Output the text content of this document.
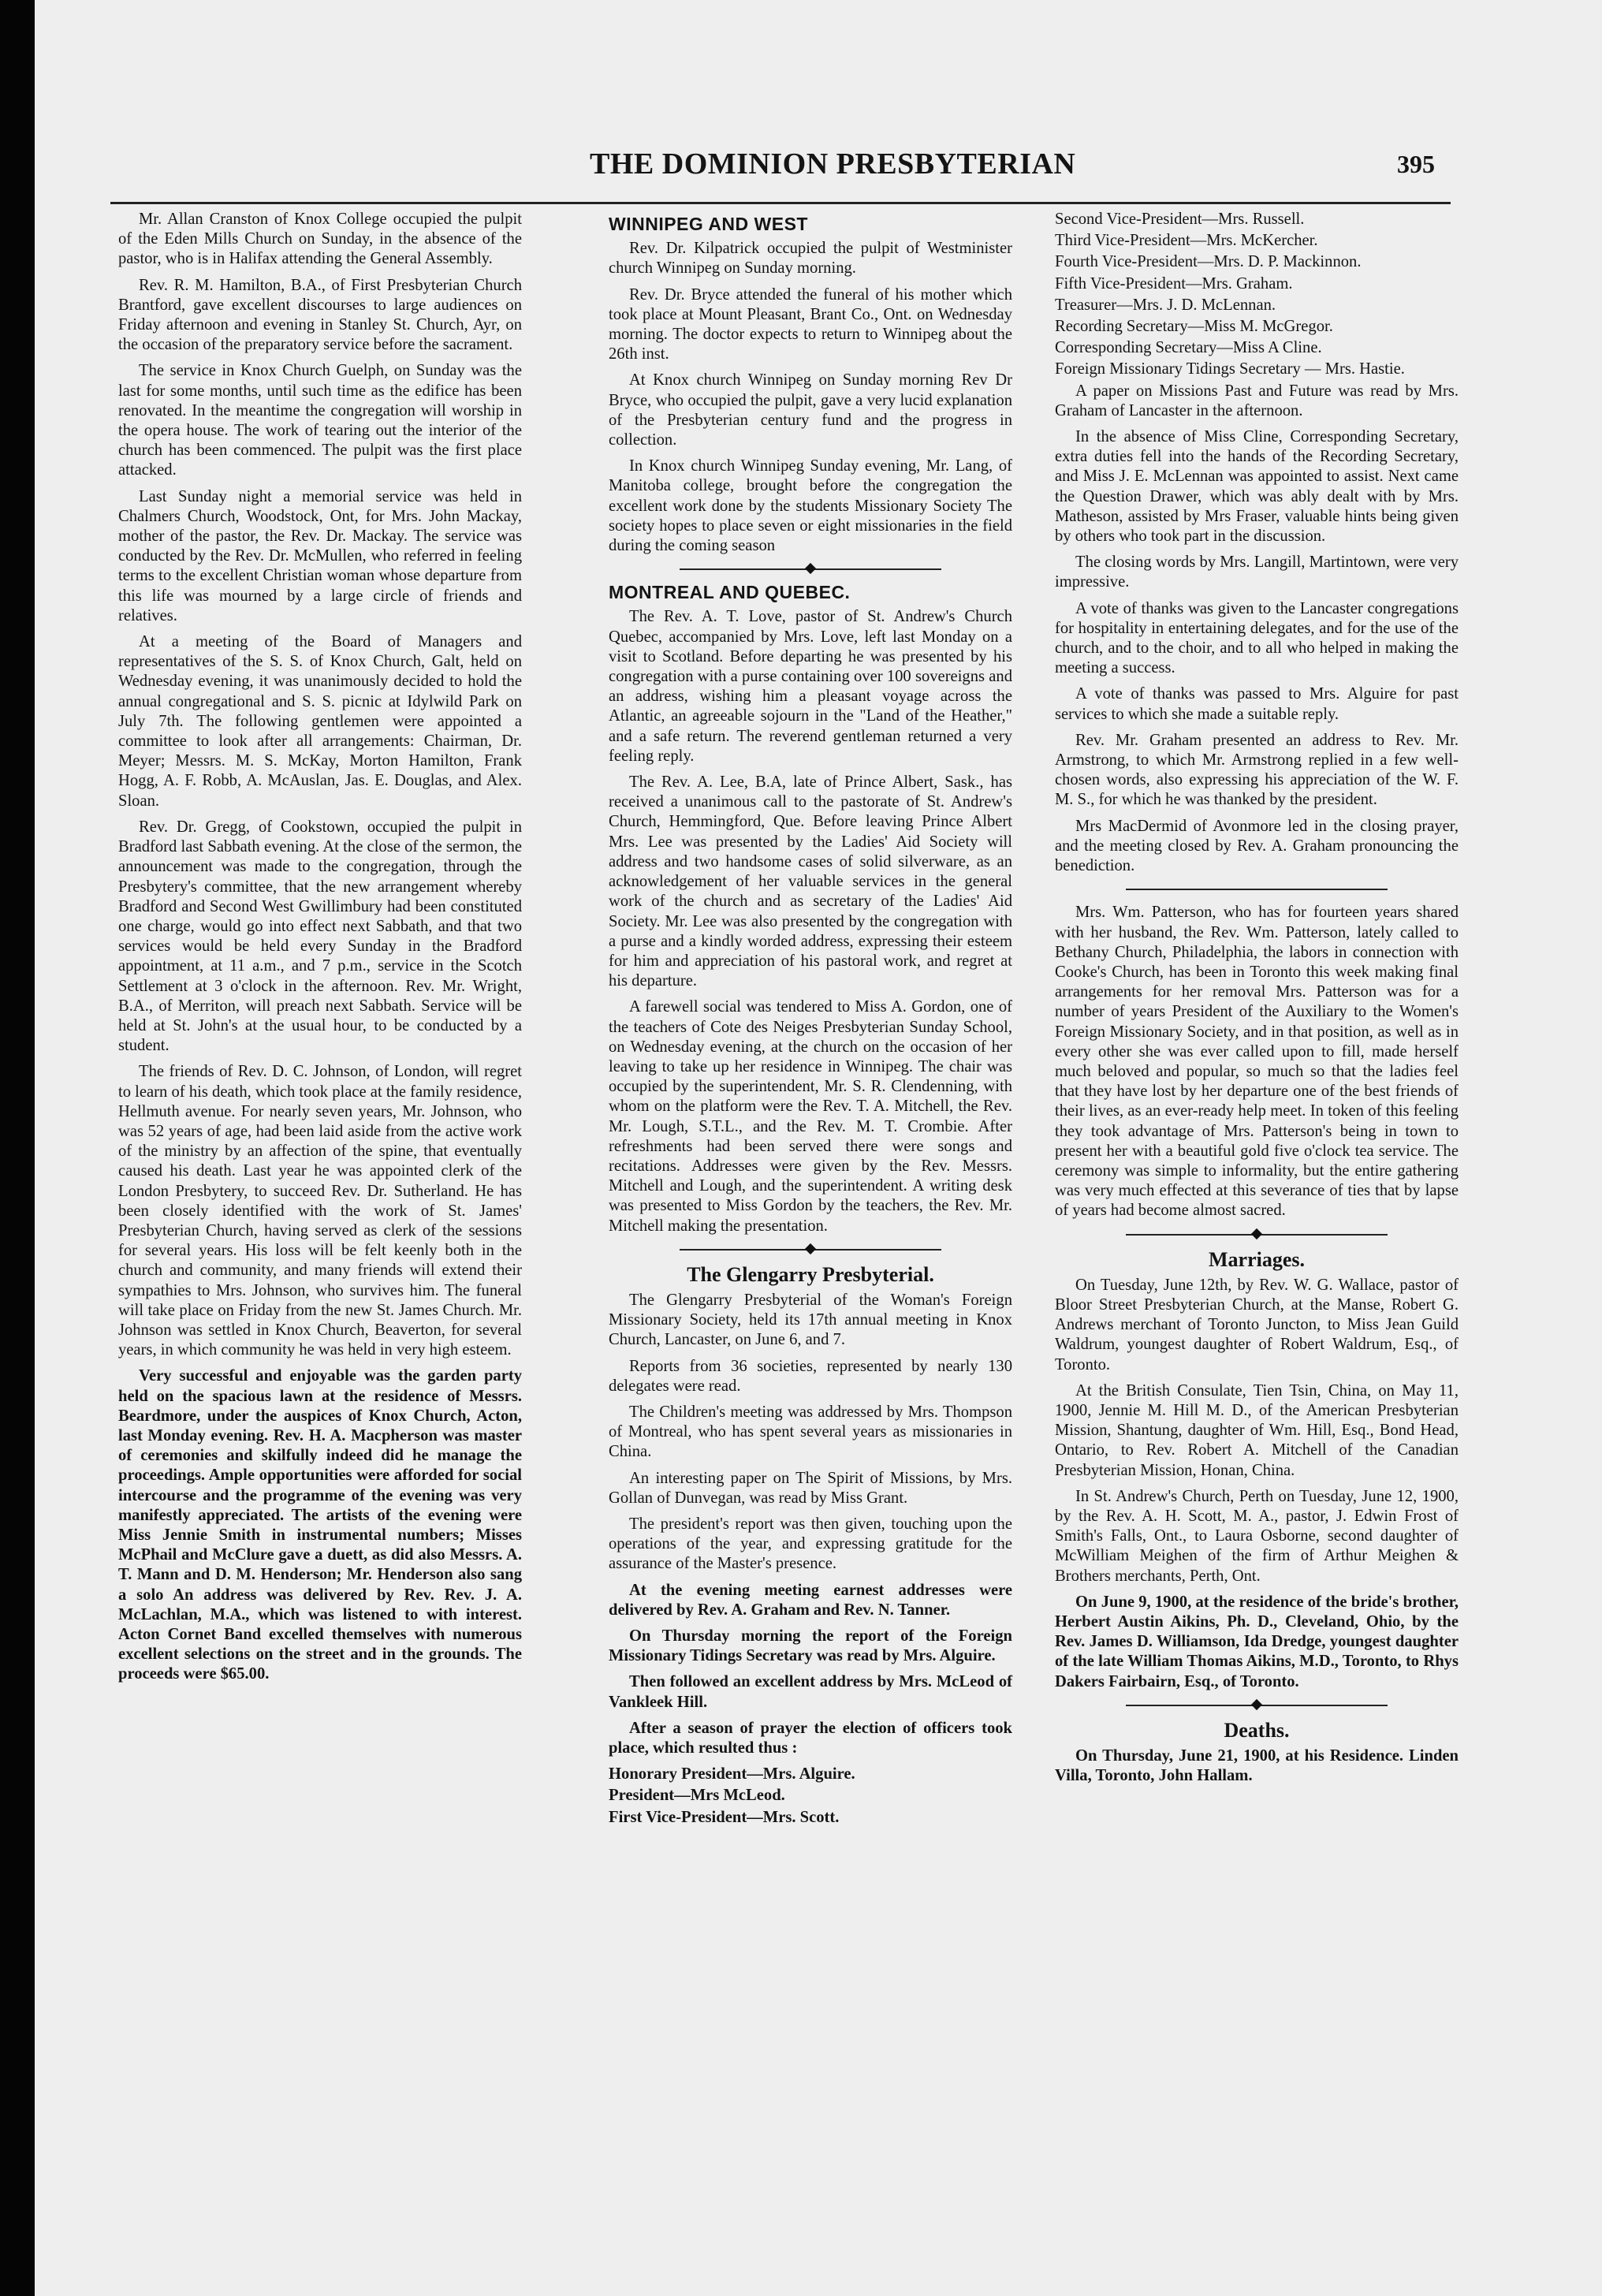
THE DOMINION PRESBYTERIAN	395

Mr. Allan Cranston of Knox College occupied the pulpit of the Eden Mills Church on Sunday, in the absence of the pastor, who is in Halifax attending the General Assembly.

Rev. R. M. Hamilton, B.A., of First Presbyterian Church Brantford, gave excellent discourses to large audiences on Friday afternoon and evening in Stanley St. Church, Ayr, on the occasion of the preparatory service before the sacrament.

The service in Knox Church Guelph, on Sunday was the last for some months, until such time as the edifice has been renovated. In the meantime the congregation will worship in the opera house. The work of tearing out the interior of the church has been commenced. The pulpit was the first place attacked.

Last Sunday night a memorial service was held in Chalmers Church, Woodstock, Ont, for Mrs. John Mackay, mother of the pastor, the Rev. Dr. Mackay. The service was conducted by the Rev. Dr. McMullen, who referred in feeling terms to the excellent Christian woman whose departure from this life was mourned by a large circle of friends and relatives.

At a meeting of the Board of Managers and representatives of the S. S. of Knox Church, Galt, held on Wednesday evening, it was unanimously decided to hold the annual congregational and S. S. picnic at Idylwild Park on July 7th. The following gentlemen were appointed a committee to look after all arrangements: Chairman, Dr. Meyer; Messrs. M. S. McKay, Morton Hamilton, Frank Hogg, A. F. Robb, A. McAuslan, Jas. E. Douglas, and Alex. Sloan.

Rev. Dr. Gregg, of Cookstown, occupied the pulpit in Bradford last Sabbath evening. At the close of the sermon, the announcement was made to the congregation, through the Presbytery's committee, that the new arrangement whereby Bradford and Second West Gwillimbury had been constituted one charge, would go into effect next Sabbath, and that two services would be held every Sunday in the Bradford appointment, at 11 a.m., and 7 p.m., service in the Scotch Settlement at 3 o'clock in the afternoon. Rev. Mr. Wright, B.A., of Merriton, will preach next Sabbath. Service will be held at St. John's at the usual hour, to be conducted by a student.

The friends of Rev. D. C. Johnson, of London, will regret to learn of his death, which took place at the family residence, Hellmuth avenue. For nearly seven years, Mr. Johnson, who was 52 years of age, had been laid aside from the active work of the ministry by an affection of the spine, that eventually caused his death. Last year he was appointed clerk of the London Presbytery, to succeed Rev. Dr. Sutherland. He has been closely identified with the work of St. James' Presbyterian Church, having served as clerk of the sessions for several years. His loss will be felt keenly both in the church and community, and many friends will extend their sympathies to Mrs. Johnson, who survives him. The funeral will take place on Friday from the new St. James Church. Mr. Johnson was settled in Knox Church, Beaverton, for several years, in which community he was held in very high esteem.

Very successful and enjoyable was the garden party held on the spacious lawn at the residence of Messrs. Beardmore, under the auspices of Knox Church, Acton, last Monday evening. Rev. H. A. Macpherson was master of ceremonies and skilfully indeed did he manage the proceedings. Ample opportunities were afforded for social intercourse and the programme of the evening was very manifestly appreciated. The artists of the evening were Miss Jennie Smith in instrumental numbers; Misses McPhail and McClure gave a duett, as did also Messrs. A. T. Mann and D. M. Henderson; Mr. Henderson also sang a solo An address was delivered by Rev. Rev. J. A. McLachlan, M.A., which was listened to with interest. Acton Cornet Band excelled themselves with numerous excellent selections on the street and in the grounds. The proceeds were $65.00.

WINNIPEG AND WEST

Rev. Dr. Kilpatrick occupied the pulpit of Westminister church Winnipeg on Sunday morning.

Rev. Dr. Bryce attended the funeral of his mother which took place at Mount Pleasant, Brant Co., Ont. on Wednesday morning. The doctor expects to return to Winnipeg about the 26th inst.

At Knox church Winnipeg on Sunday morning Rev Dr Bryce, who occupied the pulpit, gave a very lucid explanation of the Presbyterian century fund and the progress in collection.

In Knox church Winnipeg Sunday evening, Mr. Lang, of Manitoba college, brought before the congregation the excellent work done by the students Missionary Society The society hopes to place seven or eight missionaries in the field during the coming season

MONTREAL AND QUEBEC.

The Rev. A. T. Love, pastor of St. Andrew's Church Quebec, accompanied by Mrs. Love, left last Monday on a visit to Scotland. Before departing he was presented by his congregation with a purse containing over 100 sovereigns and an address, wishing him a pleasant voyage across the Atlantic, an agreeable sojourn in the "Land of the Heather," and a safe return. The reverend gentleman returned a very feeling reply.

The Rev. A. Lee, B.A, late of Prince Albert, Sask., has received a unanimous call to the pastorate of St. Andrew's Church, Hemmingford, Que. Before leaving Prince Albert Mrs. Lee was presented by the Ladies' Aid Society will address and two handsome cases of solid silverware, as an acknowledgement of her valuable services in the general work of the church and as secretary of the Ladies' Aid Society. Mr. Lee was also presented by the congregation with a purse and a kindly worded address, expressing their esteem for him and appreciation of his pastoral work, and regret at his departure.

A farewell social was tendered to Miss A. Gordon, one of the teachers of Cote des Neiges Presbyterian Sunday School, on Wednesday evening, at the church on the occasion of her leaving to take up her residence in Winnipeg. The chair was occupied by the superintendent, Mr. S. R. Clendenning, with whom on the platform were the Rev. T. A. Mitchell, the Rev. Mr. Lough, S.T.L., and the Rev. M. T. Crombie. After refreshments had been served there were songs and recitations. Addresses were given by the Rev. Messrs. Mitchell and Lough, and the superintendent. A writing desk was presented to Miss Gordon by the teachers, the Rev. Mr. Mitchell making the presentation.

The Glengarry Presbyterial.

The Glengarry Presbyterial of the Woman's Foreign Missionary Society, held its 17th annual meeting in Knox Church, Lancaster, on June 6, and 7.

Reports from 36 societies, represented by nearly 130 delegates were read.

The Children's meeting was addressed by Mrs. Thompson of Montreal, who has spent several years as missionaries in China.

An interesting paper on The Spirit of Missions, by Mrs. Gollan of Dunvegan, was read by Miss Grant.

The president's report was then given, touching upon the operations of the year, and expressing gratitude for the assurance of the Master's presence.

At the evening meeting earnest addresses were delivered by Rev. A. Graham and Rev. N. Tanner.

On Thursday morning the report of the Foreign Missionary Tidings Secretary was read by Mrs. Alguire.

Then followed an excellent address by Mrs. McLeod of Vankleek Hill.

After a season of prayer the election of officers took place, which resulted thus :

Honorary President—Mrs. Alguire.

President—Mrs McLeod.

First Vice-President—Mrs. Scott.

Second Vice-President—Mrs. Russell.

Third Vice-President—Mrs. McKercher.

Fourth Vice-President—Mrs. D. P. Mackinnon.

Fifth Vice-President—Mrs. Graham.

Treasurer—Mrs. J. D. McLennan.

Recording Secretary—Miss M. McGregor.

Corresponding Secretary—Miss A Cline.

Foreign Missionary Tidings Secretary — Mrs. Hastie.

A paper on Missions Past and Future was read by Mrs. Graham of Lancaster in the afternoon.

In the absence of Miss Cline, Corresponding Secretary, extra duties fell into the hands of the Recording Secretary, and Miss J. E. McLennan was appointed to assist. Next came the Question Drawer, which was ably dealt with by Mrs. Matheson, assisted by Mrs Fraser, valuable hints being given by others who took part in the discussion.

The closing words by Mrs. Langill, Martintown, were very impressive.

A vote of thanks was given to the Lancaster congregations for hospitality in entertaining delegates, and for the use of the church, and to the choir, and to all who helped in making the meeting a success.

A vote of thanks was passed to Mrs. Alguire for past services to which she made a suitable reply.

Rev. Mr. Graham presented an address to Rev. Mr. Armstrong, to which Mr. Armstrong replied in a few well-chosen words, also expressing his appreciation of the W. F. M. S., for which he was thanked by the president.

Mrs MacDermid of Avonmore led in the closing prayer, and the meeting closed by Rev. A. Graham pronouncing the benediction.

Mrs. Wm. Patterson, who has for fourteen years shared with her husband, the Rev. Wm. Patterson, lately called to Bethany Church, Philadelphia, the labors in connection with Cooke's Church, has been in Toronto this week making final arrangements for her removal Mrs. Patterson was for a number of years President of the Auxiliary to the Women's Foreign Missionary Society, and in that position, as well as in every other she was ever called upon to fill, made herself much beloved and popular, so much so that the ladies feel that they have lost by her departure one of the best friends of their lives, as an ever-ready help meet. In token of this feeling they took advantage of Mrs. Patterson's being in town to present her with a beautiful gold five o'clock tea service. The ceremony was simple to informality, but the entire gathering was very much effected at this severance of ties that by lapse of years had become almost sacred.

Marriages.

On Tuesday, June 12th, by Rev. W. G. Wallace, pastor of Bloor Street Presbyterian Church, at the Manse, Robert G. Andrews merchant of Toronto Juncton, to Miss Jean Guild Waldrum, youngest daughter of Robert Waldrum, Esq., of Toronto.

At the British Consulate, Tien Tsin, China, on May 11, 1900, Jennie M. Hill M. D., of the American Presbyterian Mission, Shantung, daughter of Wm. Hill, Esq., Bond Head, Ontario, to Rev. Robert A. Mitchell of the Canadian Presbyterian Mission, Honan, China.

In St. Andrew's Church, Perth on Tuesday, June 12, 1900, by the Rev. A. H. Scott, M. A., pastor, J. Edwin Frost of Smith's Falls, Ont., to Laura Osborne, second daughter of McWilliam Meighen of the firm of Arthur Meighen & Brothers merchants, Perth, Ont.

On June 9, 1900, at the residence of the bride's brother, Herbert Austin Aikins, Ph. D., Cleveland, Ohio, by the Rev. James D. Williamson, Ida Dredge, youngest daughter of the late William Thomas Aikins, M.D., Toronto, to Rhys Dakers Fairbairn, Esq., of Toronto.

Deaths.

On Thursday, June 21, 1900, at his Residence. Linden Villa, Toronto, John Hallam.
